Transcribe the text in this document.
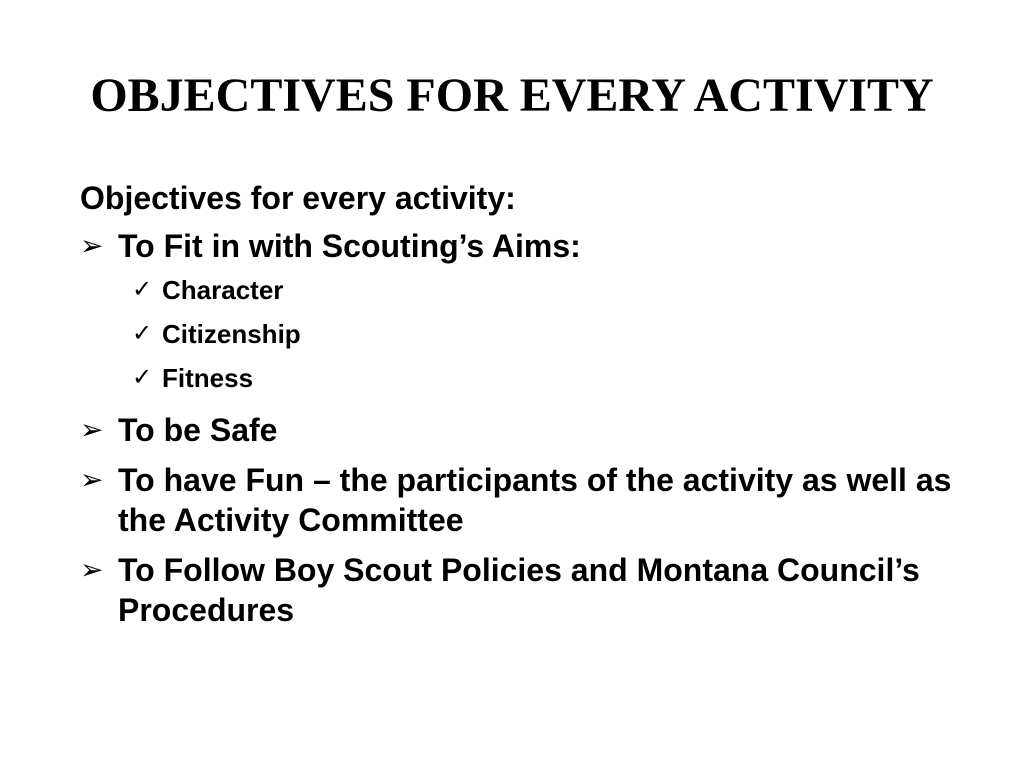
OBJECTIVES FOR EVERY ACTIVITY

Objectives for every activity:

➢ To Fit in with Scouting’s Aims:
✓ Character
✓ Citizenship
✓ Fitness
➢ To be Safe
➢ To have Fun – the participants of the activity as well as the Activity Committee
➢ To Follow Boy Scout Policies and Montana Council’s Procedures
